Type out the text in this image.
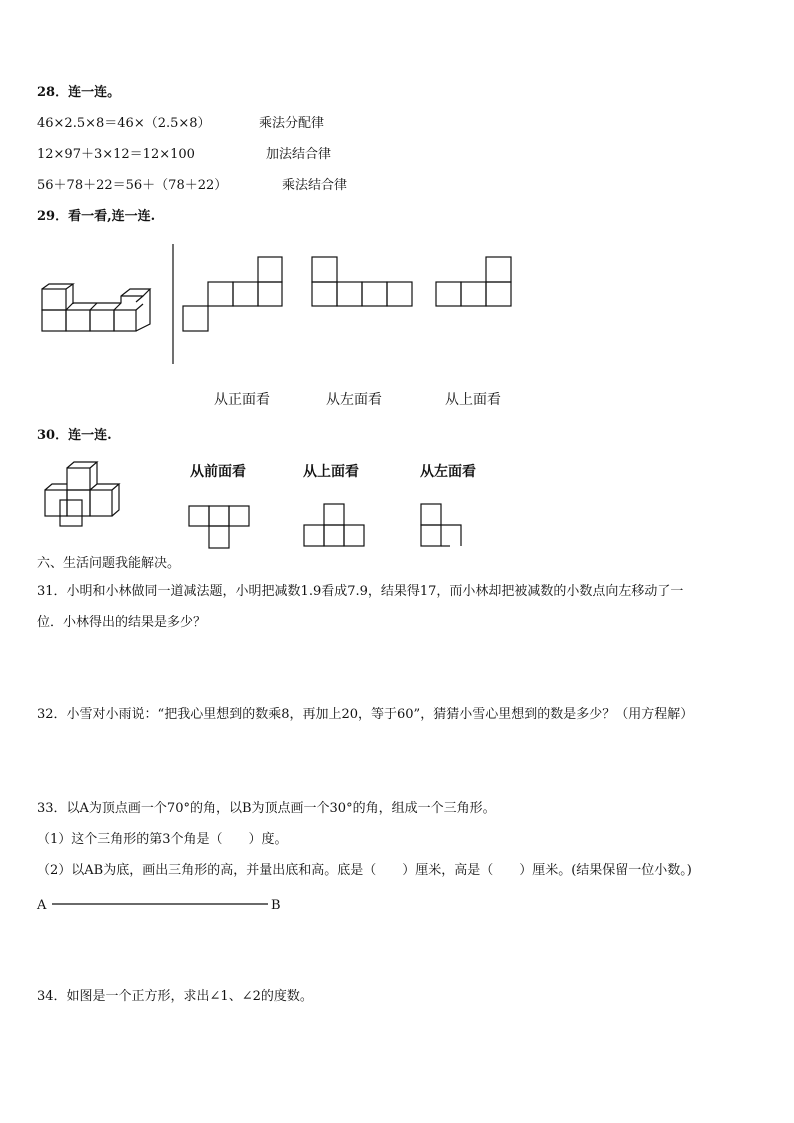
28．连一连。
46×2.5×8＝46×（2.5×8）
12×97＋3×12＝12×100
56＋78＋22＝56＋（78＋22）
乘法分配律
加法结合律
乘法结合律
29．看一看,连一连.
从正面看	从左面看	从上面看
30．连一连.
从前面看	从上面看	从左面看
六、生活问题我能解决。
31．小明和小林做同一道减法题，小明把减数1.9看成7.9，结果得17，而小林却把被减数的小数点向左移动了一
位．小林得出的结果是多少？
32．小雪对小雨说：“把我心里想到的数乘8，再加上20，等于60”，猜猜小雪心里想到的数是多少？（用方程解）
33．以A为顶点画一个70°的角，以B为顶点画一个30°的角，组成一个三角形。
（1）这个三角形的第3个角是（　　）度。
（2）以AB为底，画出三角形的高，并量出底和高。底是（　　）厘米，高是（　　）厘米。(结果保留一位小数。)
A	B
34．如图是一个正方形，求出∠1、∠2的度数。
